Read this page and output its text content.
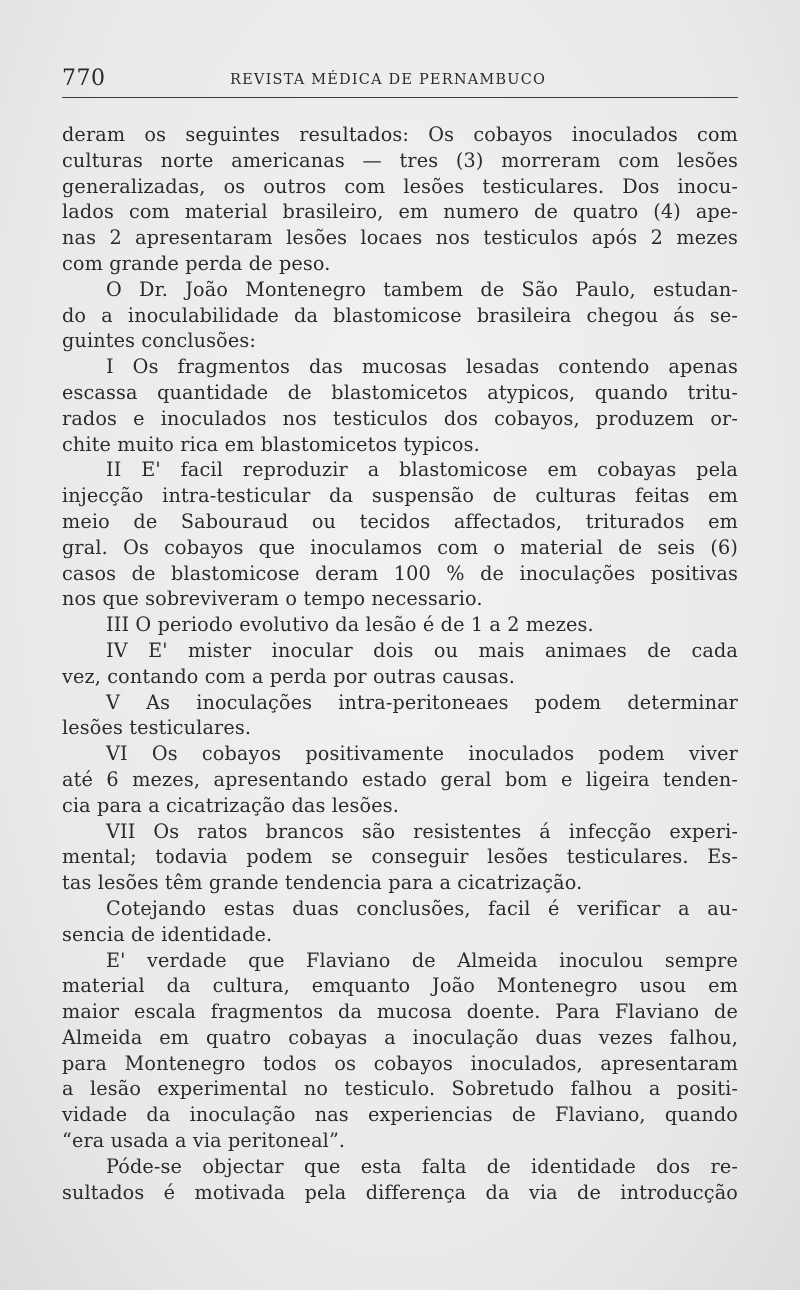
770	REVISTA MÉDICA DE PERNAMBUCO
deram os seguintes resultados: Os cobayos inoculados com
culturas norte americanas — tres (3) morreram com lesões
generalizadas, os outros com lesões testiculares. Dos inocu-
lados com material brasileiro, em numero de quatro (4) ape-
nas 2 apresentaram lesões locaes nos testiculos após 2 mezes
com grande perda de peso.
O Dr. João Montenegro tambem de São Paulo, estudan-
do a inoculabilidade da blastomicose brasileira chegou ás se-
guintes conclusões:
I Os fragmentos das mucosas lesadas contendo apenas
escassa quantidade de blastomicetos atypicos, quando tritu-
rados e inoculados nos testiculos dos cobayos, produzem or-
chite muito rica em blastomicetos typicos.
II E' facil reproduzir a blastomicose em cobayas pela
injecção intra-testicular da suspensão de culturas feitas em
meio de Sabouraud ou tecidos affectados, triturados em
gral. Os cobayos que inoculamos com o material de seis (6)
casos de blastomicose deram 100 % de inoculações positivas
nos que sobreviveram o tempo necessario.
III O periodo evolutivo da lesão é de 1 a 2 mezes.
IV E' mister inocular dois ou mais animaes de cada
vez, contando com a perda por outras causas.
V As inoculações intra-peritoneaes podem determinar
lesões testiculares.
VI Os cobayos positivamente inoculados podem viver
até 6 mezes, apresentando estado geral bom e ligeira tenden-
cia para a cicatrização das lesões.
VII Os ratos brancos são resistentes á infecção experi-
mental; todavia podem se conseguir lesões testiculares. Es-
tas lesões têm grande tendencia para a cicatrização.
Cotejando estas duas conclusões, facil é verificar a au-
sencia de identidade.
E' verdade que Flaviano de Almeida inoculou sempre
material da cultura, emquanto João Montenegro usou em
maior escala fragmentos da mucosa doente. Para Flaviano de
Almeida em quatro cobayas a inoculação duas vezes falhou,
para Montenegro todos os cobayos inoculados, apresentaram
a lesão experimental no testiculo. Sobretudo falhou a positi-
vidade da inoculação nas experiencias de Flaviano, quando
“era usada a via peritoneal”.
Póde-se objectar que esta falta de identidade dos re-
sultados é motivada pela differença da via de introducção
